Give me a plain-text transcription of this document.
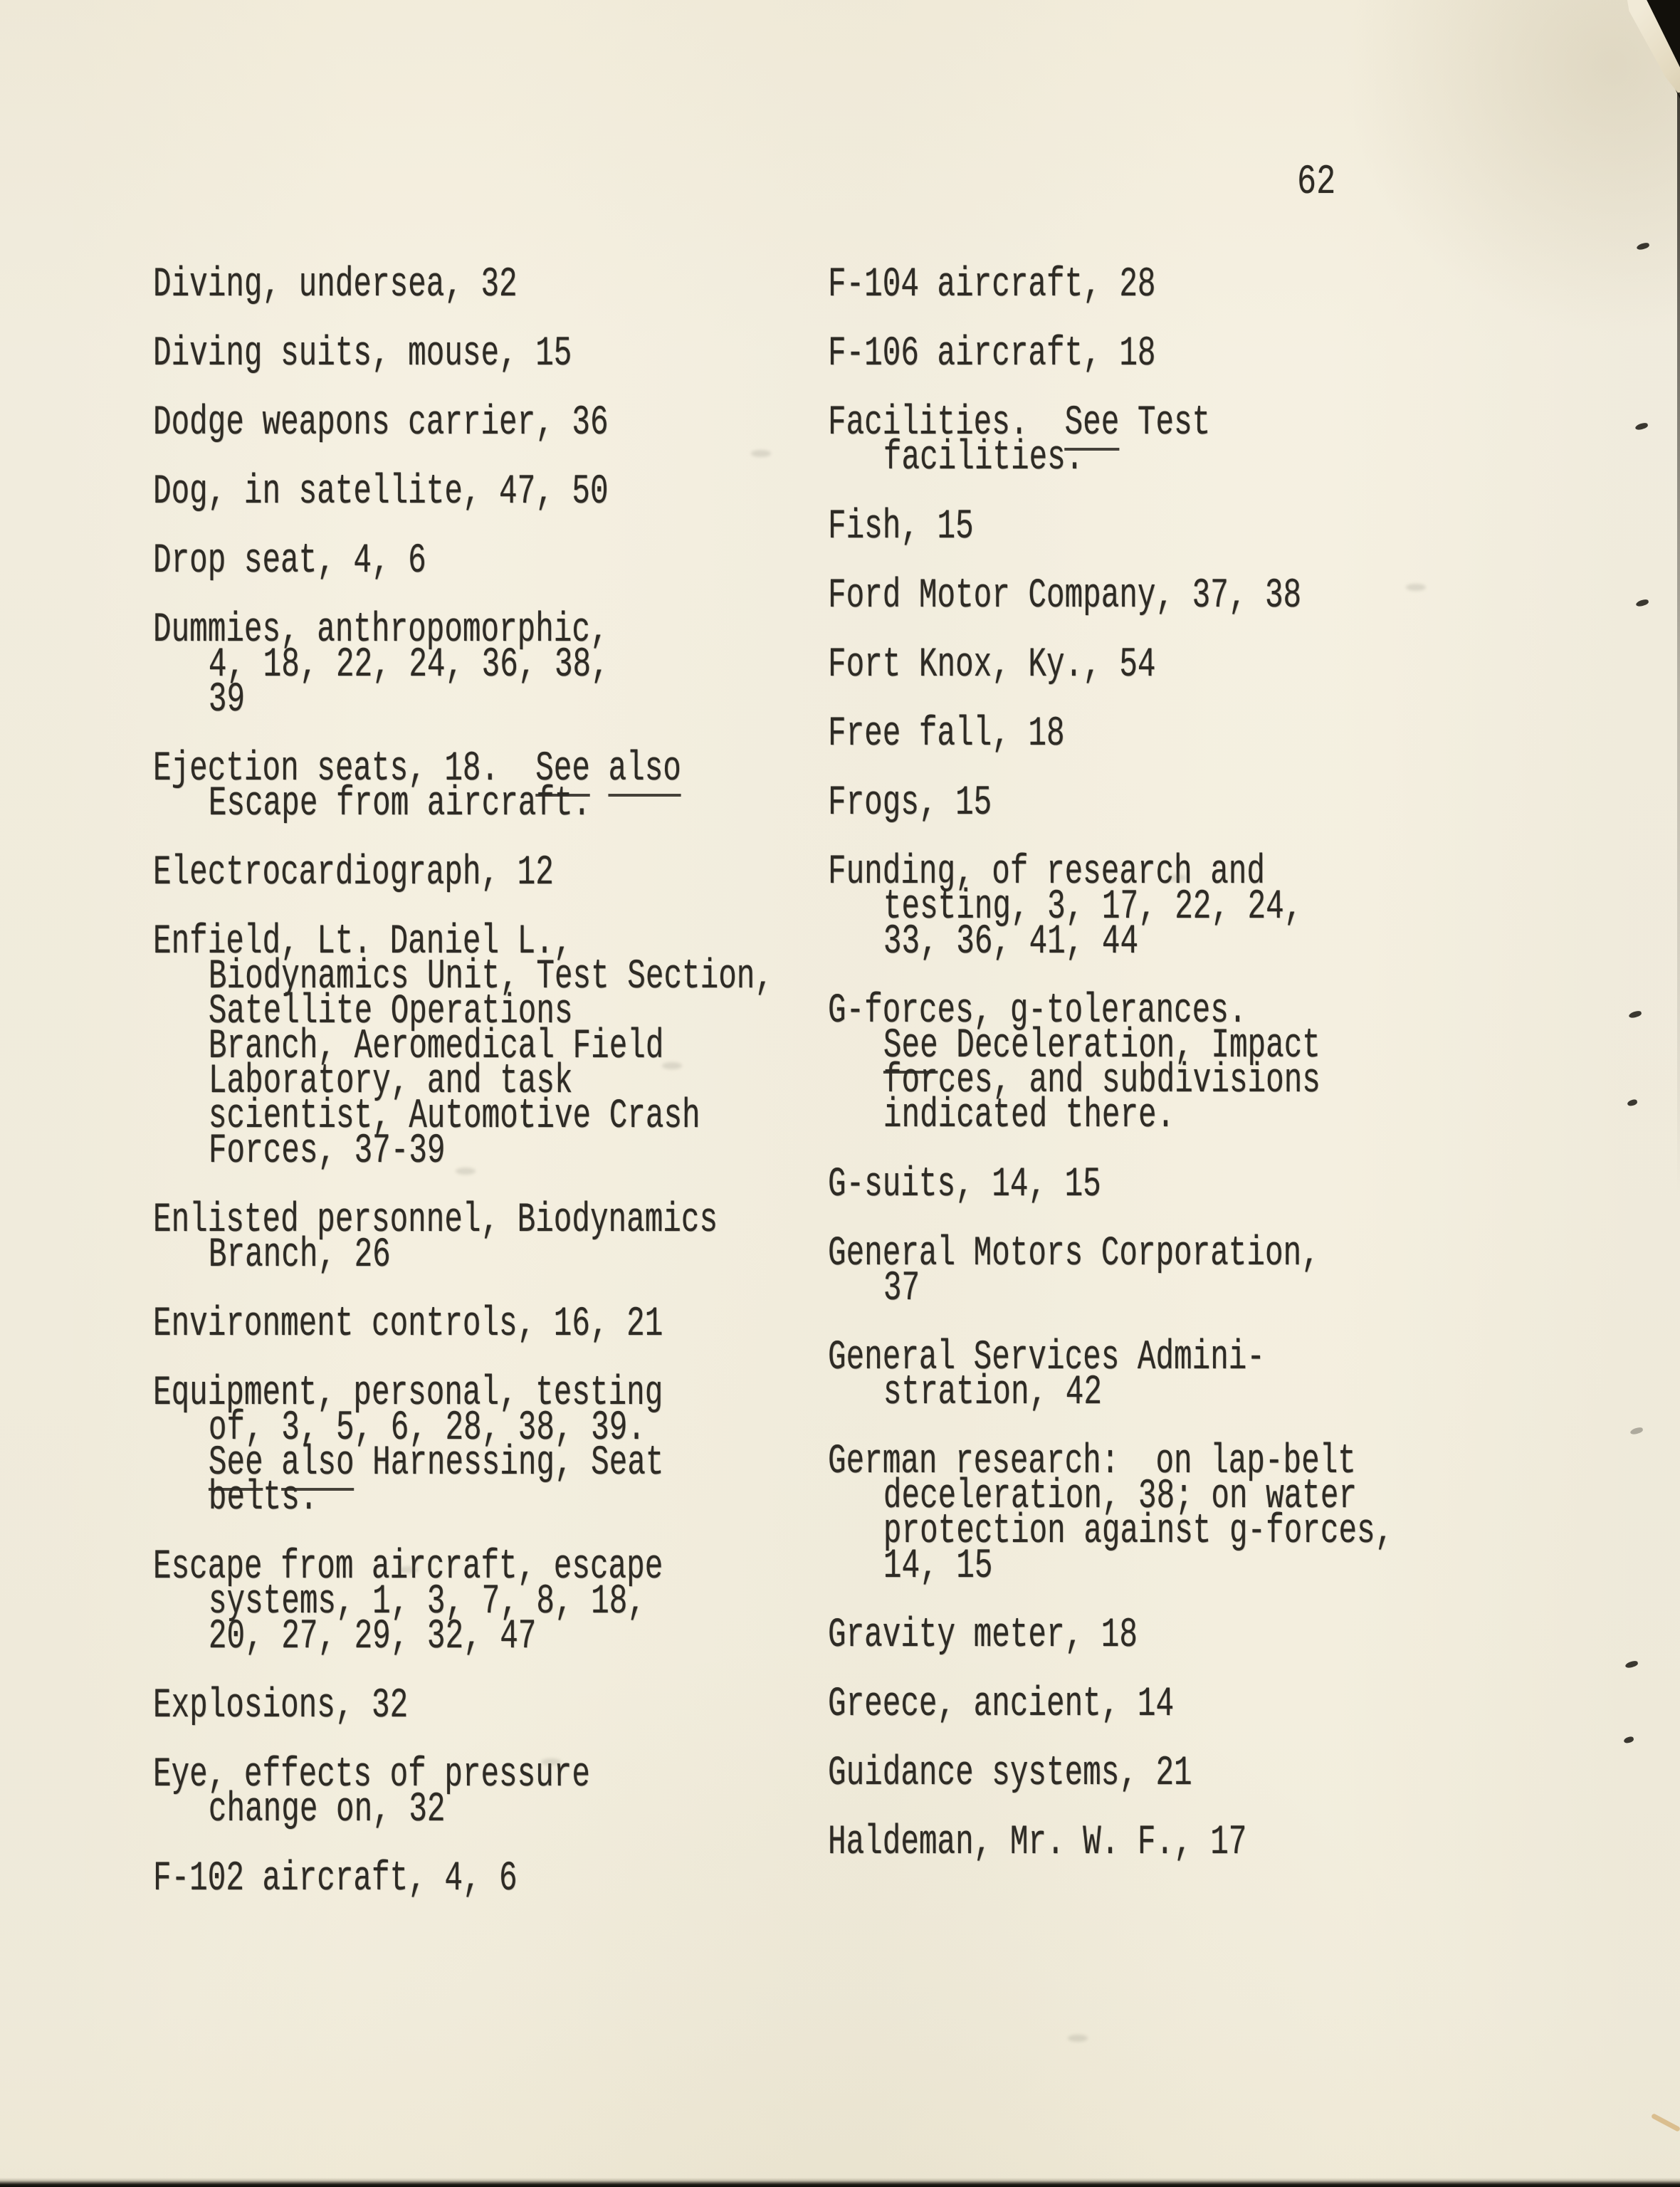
62
Diving, undersea, 32
Diving suits, mouse, 15
Dodge weapons carrier, 36
Dog, in satellite, 47, 50
Drop seat, 4, 6
Dummies, anthropomorphic,
4, 18, 22, 24, 36, 38,
39
Ejection seats, 18.  See also
Escape from aircraft.
Electrocardiograph, 12
Enfield, Lt. Daniel L.,
Biodynamics Unit, Test Section,
Satellite Operations
Branch, Aeromedical Field
Laboratory, and task
scientist, Automotive Crash
Forces, 37-39
Enlisted personnel, Biodynamics
Branch, 26
Environment controls, 16, 21
Equipment, personal, testing
of, 3, 5, 6, 28, 38, 39.
See also Harnessing, Seat
belts.
Escape from aircraft, escape
systems, 1, 3, 7, 8, 18,
20, 27, 29, 32, 47
Explosions, 32
Eye, effects of pressure
change on, 32
F-102 aircraft, 4, 6
F-104 aircraft, 28
F-106 aircraft, 18
Facilities.  See Test
facilities.
Fish, 15
Ford Motor Company, 37, 38
Fort Knox, Ky., 54
Free fall, 18
Frogs, 15
Funding, of research and
testing, 3, 17, 22, 24,
33, 36, 41, 44
G-forces, g-tolerances.
See Deceleration, Impact
forces, and subdivisions
indicated there.
G-suits, 14, 15
General Motors Corporation,
37
General Services Admini-
stration, 42
German research:  on lap-belt
deceleration, 38; on water
protection against g-forces,
14, 15
Gravity meter, 18
Greece, ancient, 14
Guidance systems, 21
Haldeman, Mr. W. F., 17
